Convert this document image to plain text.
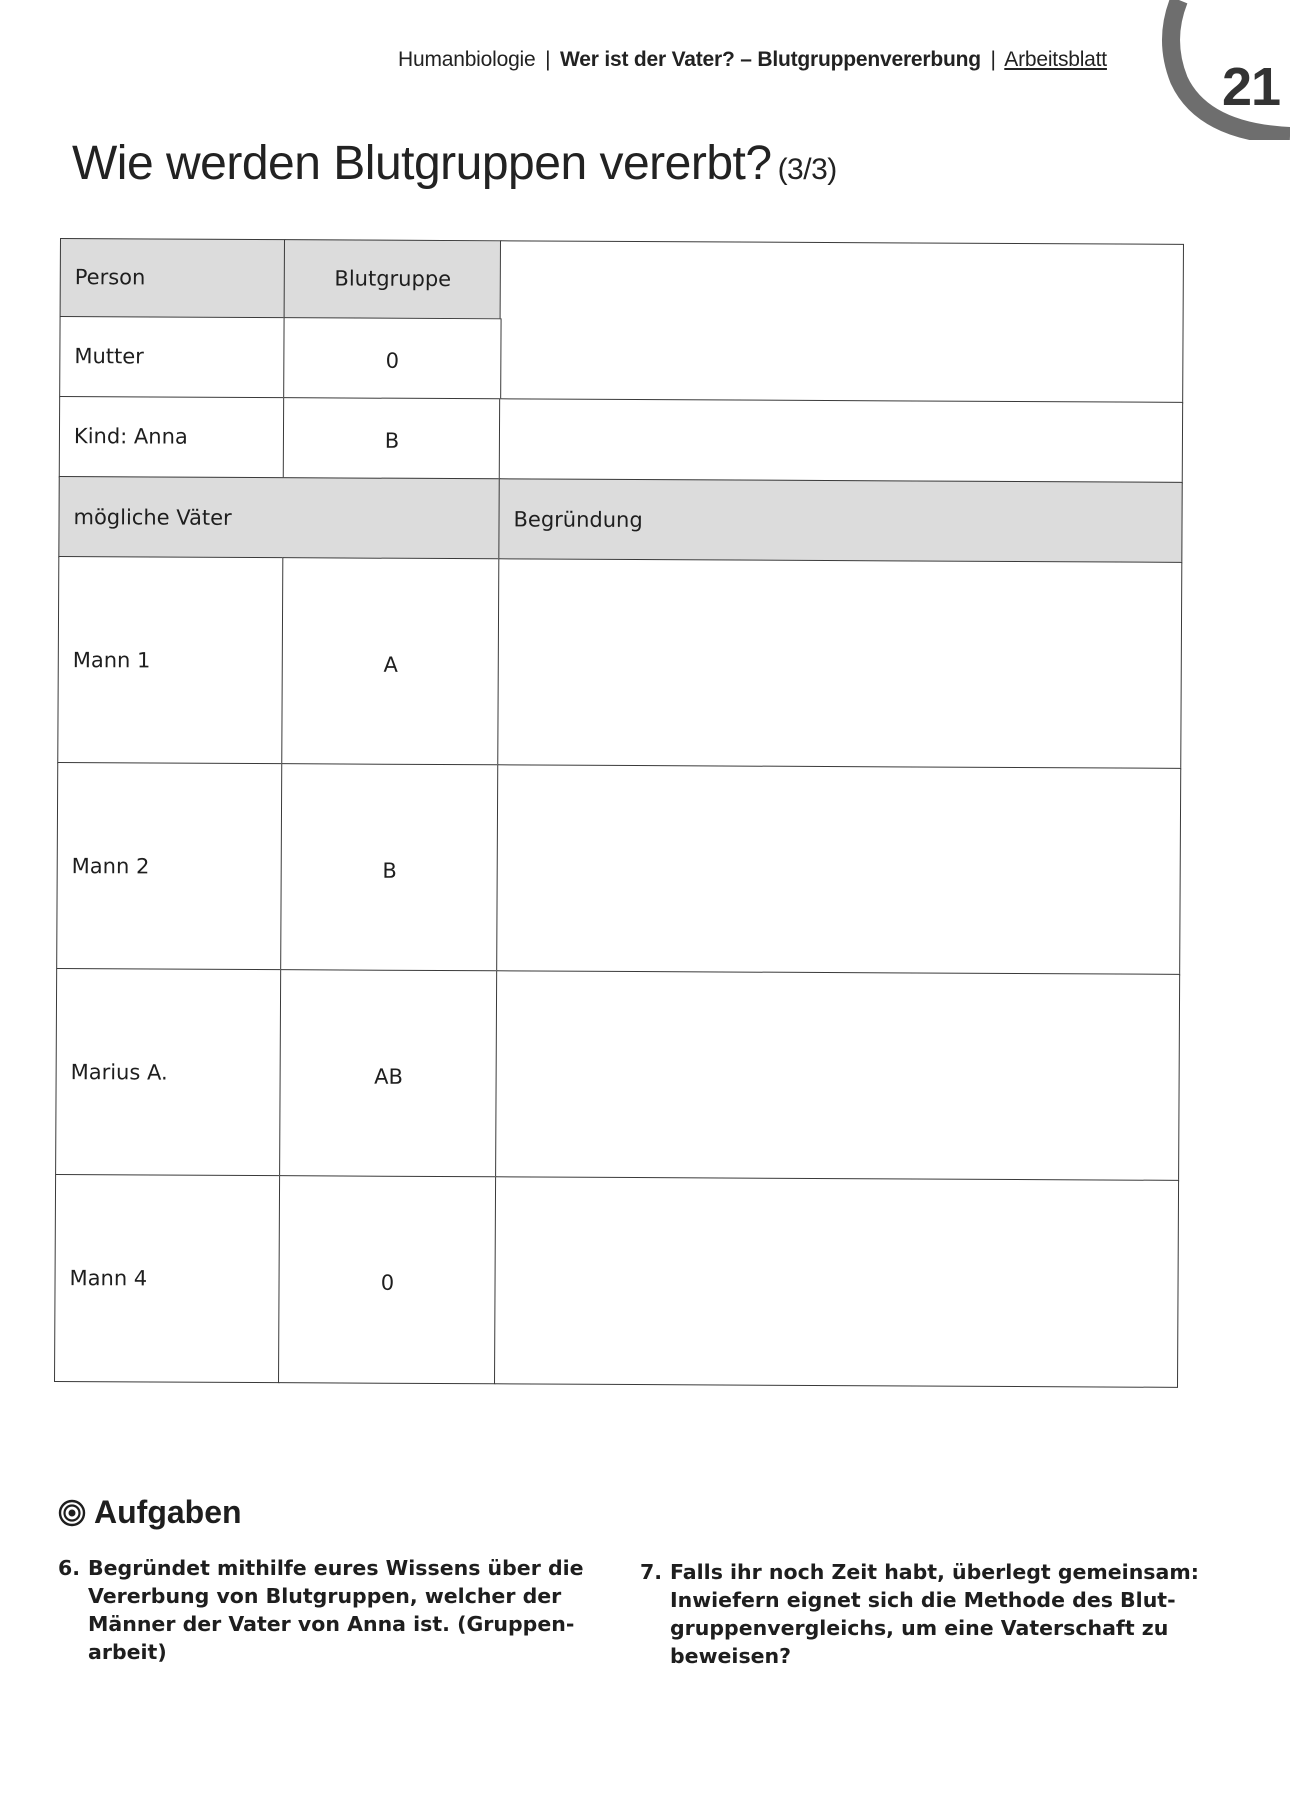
Humanbiologie | Wer ist der Vater? – Blutgruppenvererbung | Arbeitsblatt 21
Wie werden Blutgruppen vererbt? (3/3)
Person	Blutgruppe
Mutter	0
Kind: Anna	B
mögliche Väter	Begründung
Mann 1	A
Mann 2	B
Marius A.	AB
Mann 4	0
Aufgaben
6. Begründet mithilfe eures Wissens über die
Vererbung von Blutgruppen, welcher der
Männer der Vater von Anna ist. (Gruppen-
arbeit)
7. Falls ihr noch Zeit habt, überlegt gemeinsam:
Inwiefern eignet sich die Methode des Blut-
gruppenvergleichs, um eine Vaterschaft zu
beweisen?
